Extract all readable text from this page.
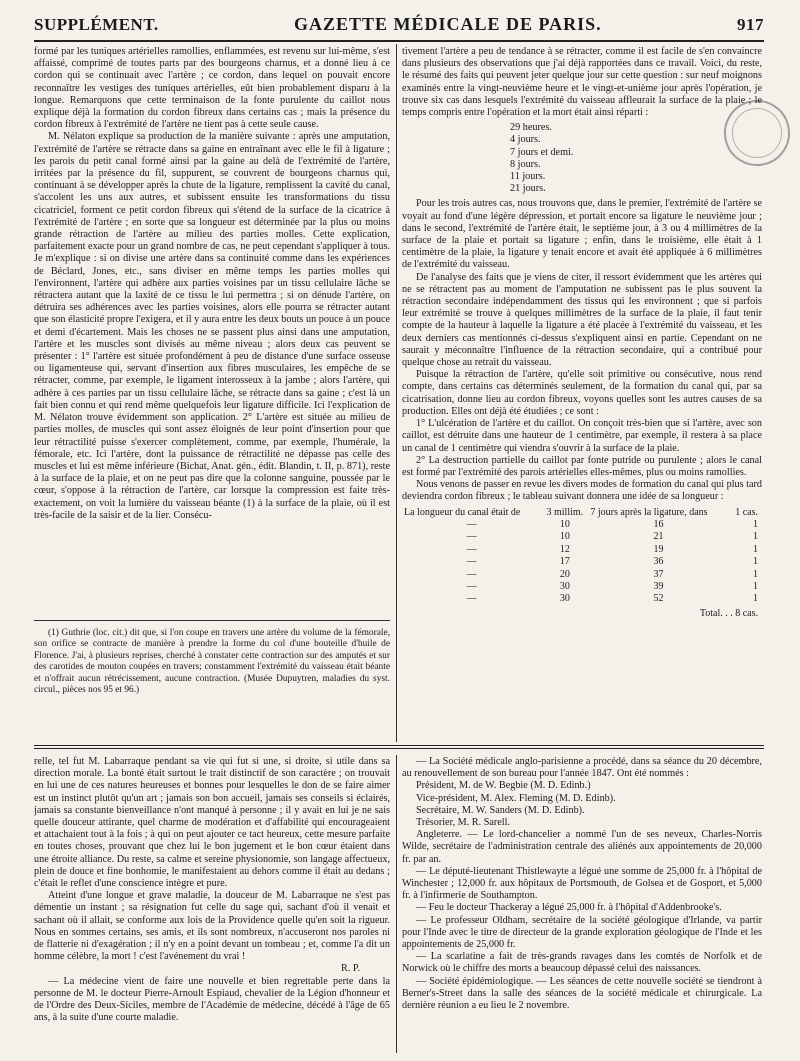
SUPPLÉMENT.	GAZETTE MÉDICALE DE PARIS.	917

formé par les tuniques artérielles ramollies, enflammées, est revenu sur lui-même, s'est affaissé, comprimé de toutes parts par des bourgeons charnus, et a donné lieu à ce cordon qui se continuait avec l'artère ; ce cordon, dans lequel on pouvait encore reconnaître les vestiges des tuniques artérielles, eût bien probablement disparu à la longue. Remarquons que cette terminaison de la fonte purulente du caillot nous explique déjà la formation du cordon fibreux dans certains cas ; mais la présence du cordon fibreux à l'extrémité de l'artère ne tient pas à cette seule cause.

M. Nélaton explique sa production de la manière suivante : après une amputation, l'extrémité de l'artère se rétracte dans sa gaine en entraînant avec elle le fil à ligature ; les parois du petit canal formé ainsi par la gaine au delà de l'extrémité de l'artère, irritées par la présence du fil, suppurent, se couvrent de bourgeons charnus qui, continuant à se développer après la chute de la ligature, remplissent la cavité du canal, s'accolent les uns aux autres, et subissent ensuite les transformations du tissu cicatriciel, forment ce petit cordon fibreux qui s'étend de la surface de la cicatrice à l'extrémité de l'artère ; en sorte que sa longueur est déterminée par la plus ou moins grande rétraction de l'artère au milieu des parties molles. Cette explication, parfaitement exacte pour un grand nombre de cas, ne peut cependant s'appliquer à tous. Je m'explique : si on divise une artère dans sa continuité comme dans les expériences de Béclard, Jones, etc., sans diviser en même temps les parties molles qui l'environnent, l'artère qui adhère aux parties voisines par un tissu cellulaire lâche se rétractera autant que la laxité de ce tissu le lui permettra ; si on dénude l'artère, on détruira ses adhérences avec les parties voisines, alors elle pourra se rétracter autant que son élasticité propre l'exigera, et il y aura entre les deux bouts un pouce à un pouce et demi d'écartement. Mais les choses ne se passent plus ainsi dans une amputation, l'artère et les muscles sont divisés au même niveau ; alors deux cas peuvent se présenter : 1° l'artère est située profondément à peu de distance d'une surface osseuse ou ligamenteuse qui, servant d'insertion aux fibres musculaires, les empêche de se rétracter, comme, par exemple, le ligament interosseux à la jambe ; alors l'artère, qui adhère à ces parties par un tissu cellulaire lâche, se rétracte dans sa gaine ; c'est là un fait bien connu et qui rend même quelquefois leur ligature difficile. Ici l'explication de M. Nélaton trouve évidemment son application. 2° L'artère est située au milieu de parties molles, de muscles qui sont assez éloignés de leur point d'insertion pour que leur rétractilité puisse s'exercer complètement, comme, par exemple, l'humérale, la fémorale, etc. Ici l'artère, dont la puissance de rétractilité ne dépasse pas celle des muscles et lui est même inférieure (Bichat, Anat. gén., édit. Blandin, t. II, p. 871), reste à la surface de la plaie, et on ne peut pas dire que la colonne sanguine, poussée par le cœur, s'oppose à la rétraction de l'artère, car lorsque la compression est faite très-exactement, on voit la lumière du vaisseau béante (1) à la surface de la plaie, où il est très-facile de la saisir et de la lier. Consécu-

(1) Guthrie (loc. cit.) dit que, si l'on coupe en travers une artère du volume de la fémorale, son orifice se contracte de manière à prendre la forme du col d'une bouteille d'huile de Florence. J'ai, à plusieurs reprises, cherché à constater cette contraction sur des amputés et sur des carotides de mouton coupées en travers; constamment l'extrémité du vaisseau était béante et n'offrait aucun rétrécissement, aucune contraction. (Musée Dupuytren, maladies du syst. circul., pièces nos 95 et 96.)

tivement l'artère a peu de tendance à se rétracter, comme il est facile de s'en convaincre dans plusieurs des observations que j'ai déjà rapportées dans ce travail. Voici, du reste, le résumé des faits qui peuvent jeter quelque jour sur cette question : sur neuf moignons examinés entre la vingt-neuvième heure et le vingt-et-unième jour après l'opération, je trouve six cas dans lesquels l'extrémité du vaisseau affleurait la surface de la plaie ; le temps compris entre l'opération et la mort était ainsi réparti :

29 heures.
4 jours.
7 jours et demi.
8 jours.
11 jours.
21 jours.

Pour les trois autres cas, nous trouvons que, dans le premier, l'extrémité de l'artère se voyait au fond d'une légère dépression, et portait encore sa ligature le neuvième jour ; dans le second, l'extrémité de l'artère était, le septième jour, à 3 ou 4 millimètres de la surface de la plaie et portait sa ligature ; enfin, dans le troisième, elle était à 1 centimètre de la plaie, la ligature y tenait encore et avait été appliquée à 6 millimètres de l'extrémité du vaisseau.

De l'analyse des faits que je viens de citer, il ressort évidemment que les artères qui ne se rétractent pas au moment de l'amputation ne subissent pas le plus souvent la rétraction secondaire indépendamment des tissus qui les environnent ; que si parfois leur extrémité se trouve à quelques millimètres de la surface de la plaie, il faut tenir compte de la hauteur à laquelle la ligature a été placée à l'extrémité du vaisseau, et les deux derniers cas mentionnés ci-dessus s'expliquent ainsi en partie. Cependant on ne saurait y méconnaître l'influence de la rétraction secondaire, qui a contribué pour quelque chose au retrait du vaisseau.

Puisque la rétraction de l'artère, qu'elle soit primitive ou consécutive, nous rend compte, dans certains cas déterminés seulement, de la formation du canal qui, par sa cicatrisation, donne lieu au cordon fibreux, voyons quelles sont les autres causes de sa production. Elles ont déjà été étudiées ; ce sont :

1° L'ulcération de l'artère et du caillot. On conçoit très-bien que si l'artère, avec son caillot, est détruite dans une hauteur de 1 centimètre, par exemple, il restera à sa place un canal de 1 centimètre qui viendra s'ouvrir à la surface de la plaie.

2° La destruction partielle du caillot par fonte putride ou purulente ; alors le canal est formé par l'extrémité des parois artérielles elles-mêmes, plus ou moins ramollies.

Nous venons de passer en revue les divers modes de formation du canal qui plus tard deviendra cordon fibreux ; le tableau suivant donnera une idée de sa longueur :

La longueur du canal était de	3 millim.	7 jours après la ligature, dans	1 cas.
—	10	16	1
—	10	21	1
—	12	19	1
—	17	36	1
—	20	37	1
—	30	39	1
—	30	52	1
Total. . . 8 cas.

relle, tel fut M. Labarraque pendant sa vie qui fut si une, si droite, si utile dans sa direction morale. La bonté était surtout le trait distinctif de son caractère ; on trouvait en lui une de ces natures heureuses et bonnes pour lesquelles le don de se faire aimer est un instinct plutôt qu'un art ; jamais son bon accueil, jamais ses conseils si éclairés, jamais sa constante bienveillance n'ont manqué à personne ; il y avait en lui je ne sais quelle douceur attirante, quel charme de modération et d'affabilité qui encourageaient et attachaient tout à la fois ; à qui on peut ajouter ce tact heureux, cette mesure parfaite en toutes choses, prouvant que chez lui le bon jugement et le bon cœur étaient dans une étroite alliance. Du reste, sa calme et sereine physionomie, son langage affectueux, plein de douce et fine bonhomie, le manifestaient au dehors comme il était au dedans ; c'était le reflet d'une conscience intègre et pure.

Atteint d'une longue et grave maladie, la douceur de M. Labarraque ne s'est pas démentie un instant ; sa résignation fut celle du sage qui, sachant d'où il venait et sachant où il allait, se conforme aux lois de la Providence quelle qu'en soit la rigueur. Nous en sommes certains, ses amis, et ils sont nombreux, n'accuseront nos paroles ni de flatterie ni d'exagération ; il n'y en a point devant un tombeau ; et, comme l'a dit un homme célèbre, la mort ! c'est l'avénement du vrai !

R. P.

— La médecine vient de faire une nouvelle et bien regrettable perte dans la personne de M. le docteur Pierre-Arnoult Espiaud, chevalier de la Légion d'honneur et de l'Ordre des Deux-Siciles, membre de l'Académie de médecine, décédé à l'âge de 65 ans, à la suite d'une courte maladie.

— La Société médicale anglo-parisienne a procédé, dans sa séance du 20 décembre, au renouvellement de son bureau pour l'année 1847. Ont été nommés :

Président, M. de W. Begbie (M. D. Edinb.)

Vice-président, M. Alex. Fleming (M. D. Edinb).

Secrétaire, M. W. Sanders (M. D. Edinb).

Trésorier, M. R. Sarell.

Angleterre. — Le lord-chancelier a nommé l'un de ses neveux, Charles-Norris Wilde, secrétaire de l'administration centrale des aliénés aux appointements de 20,000 fr. par an.

— Le député-lieutenant Thistlewayte a légué une somme de 25,000 fr. à l'hôpital de Winchester ; 12,000 fr. aux hôpitaux de Portsmouth, de Golsea et de Gosport, et 5,000 fr. à l'infirmerie de Southampton.

— Feu le docteur Thackeray a légué 25,000 fr. à l'hôpital d'Addenbrooke's.

— Le professeur Oldham, secrétaire de la société géologique d'Irlande, va partir pour l'Inde avec le titre de directeur de la grande exploration géologique de l'Inde et les appointements de 25,000 fr.

— La scarlatine a fait de très-grands ravages dans les comtés de Norfolk et de Norwick où le chiffre des morts a beaucoup dépassé celui des naissances.

— Société épidémiologique. — Les séances de cette nouvelle société se tiendront à Berner's-Street dans la salle des séances de la société médicale et chirurgicale. La dernière réunion a eu lieu le 2 novembre.
